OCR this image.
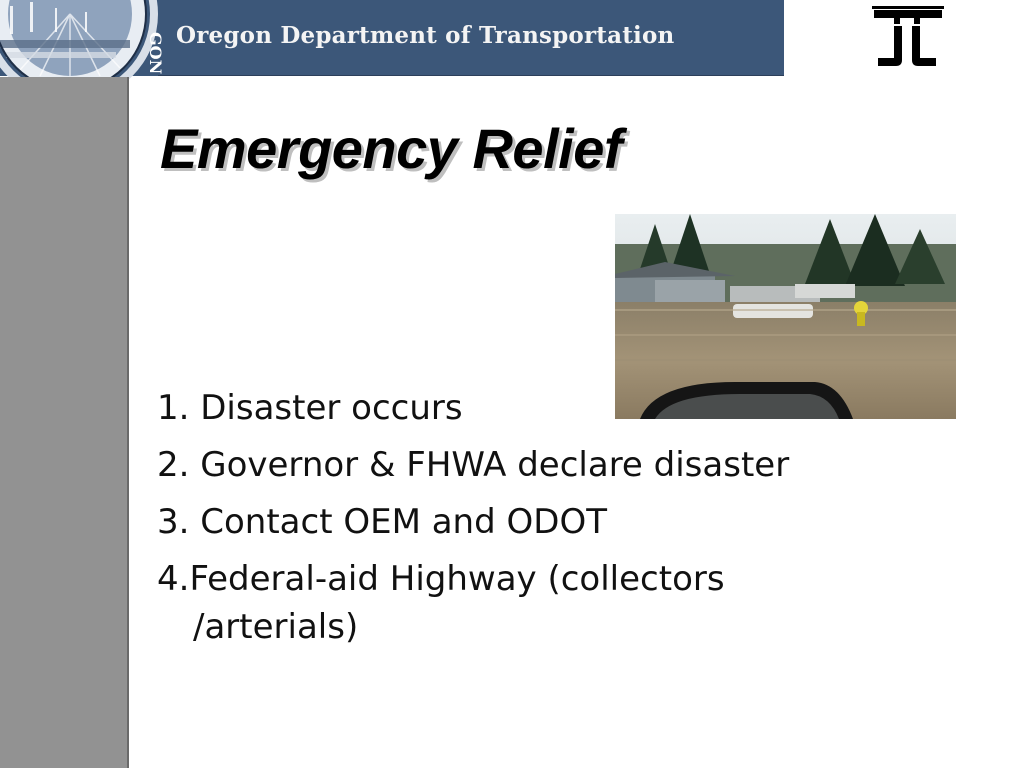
GON Oregon Department of Transportation
Emergency Relief
1. Disaster occurs
2. Governor & FHWA declare disaster
3. Contact OEM and ODOT
4.Federal-aid Highway (collectors /arterials)
